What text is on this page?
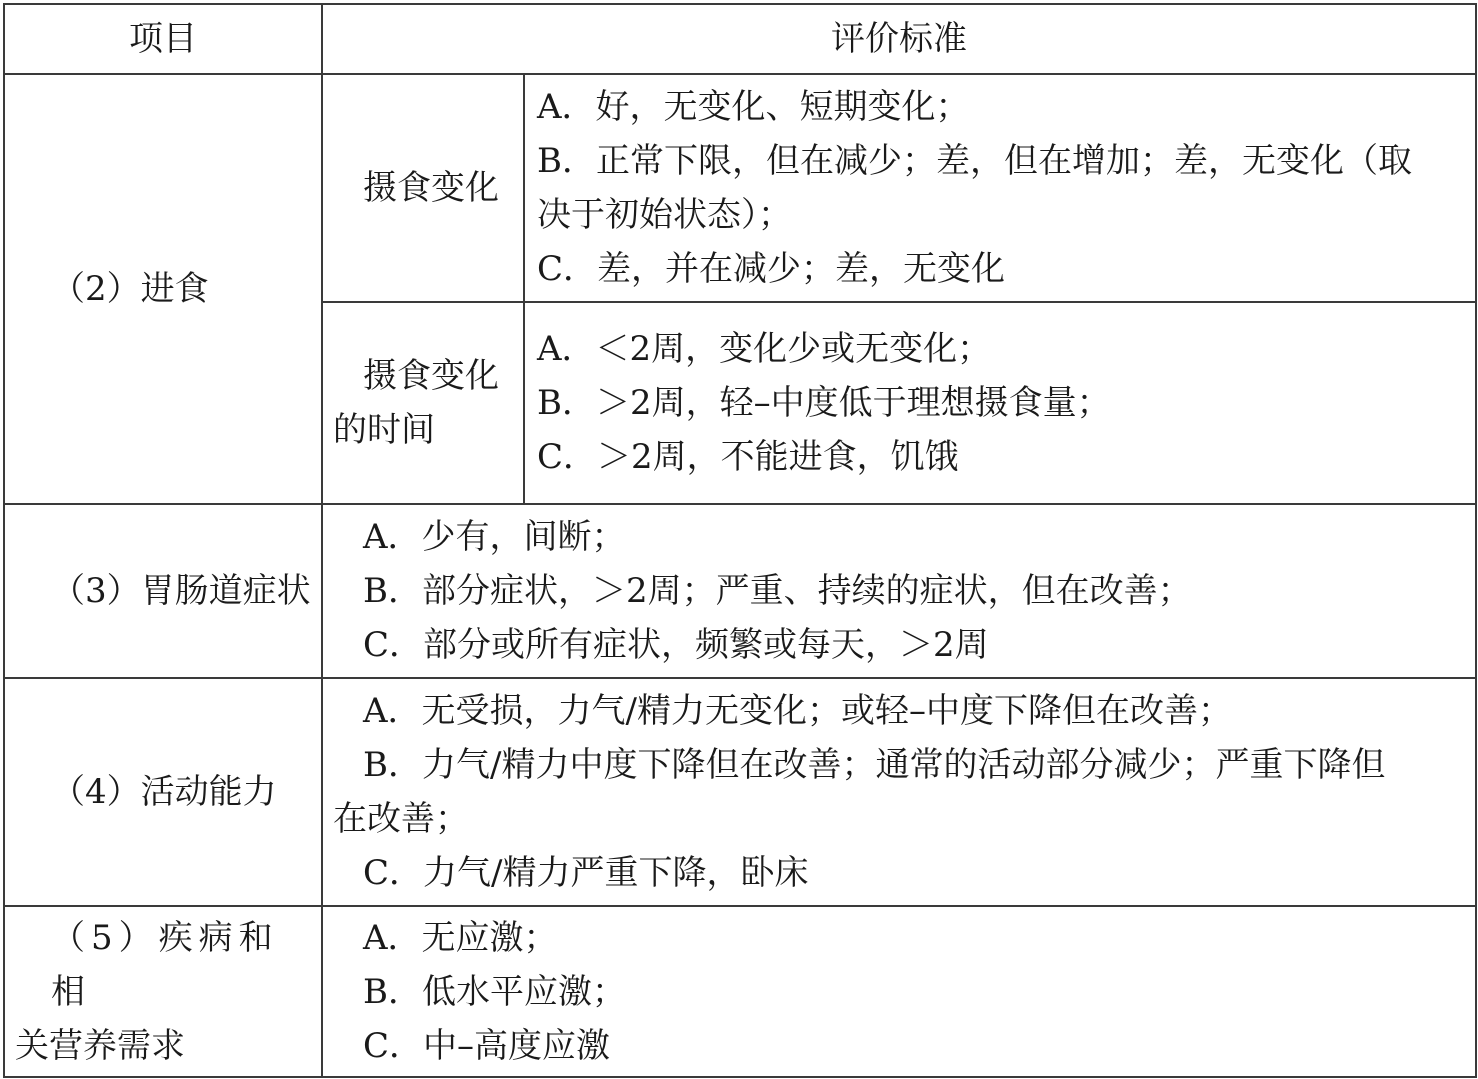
项目	评价标准	

（2）进食	摄食变化	A．好，无变化、短期变化；
B．正常下限，但在减少；差，但在增加；差，无变化（取
决于初始状态）；
C．差，并在减少；差，无变化

	摄食变化
的时间	A．＜2周，变化少或无变化；
B．＞2周，轻–中度低于理想摄食量；
C．＞2周，不能进食，饥饿

（3）胃肠道症状	A．少有，间断；
B．部分症状，＞2周；严重、持续的症状，但在改善；
C．部分或所有症状，频繁或每天，＞2周	

（4）活动能力	A．无受损，力气/精力无变化；或轻–中度下降但在改善；
B．力气/精力中度下降但在改善；通常的活动部分减少；严重下降但
在改善；
C．力气/精力严重下降，卧床	

（5）疾病和相
关营养需求	A．无应激；
B．低水平应激；
C．中–高度应激	
